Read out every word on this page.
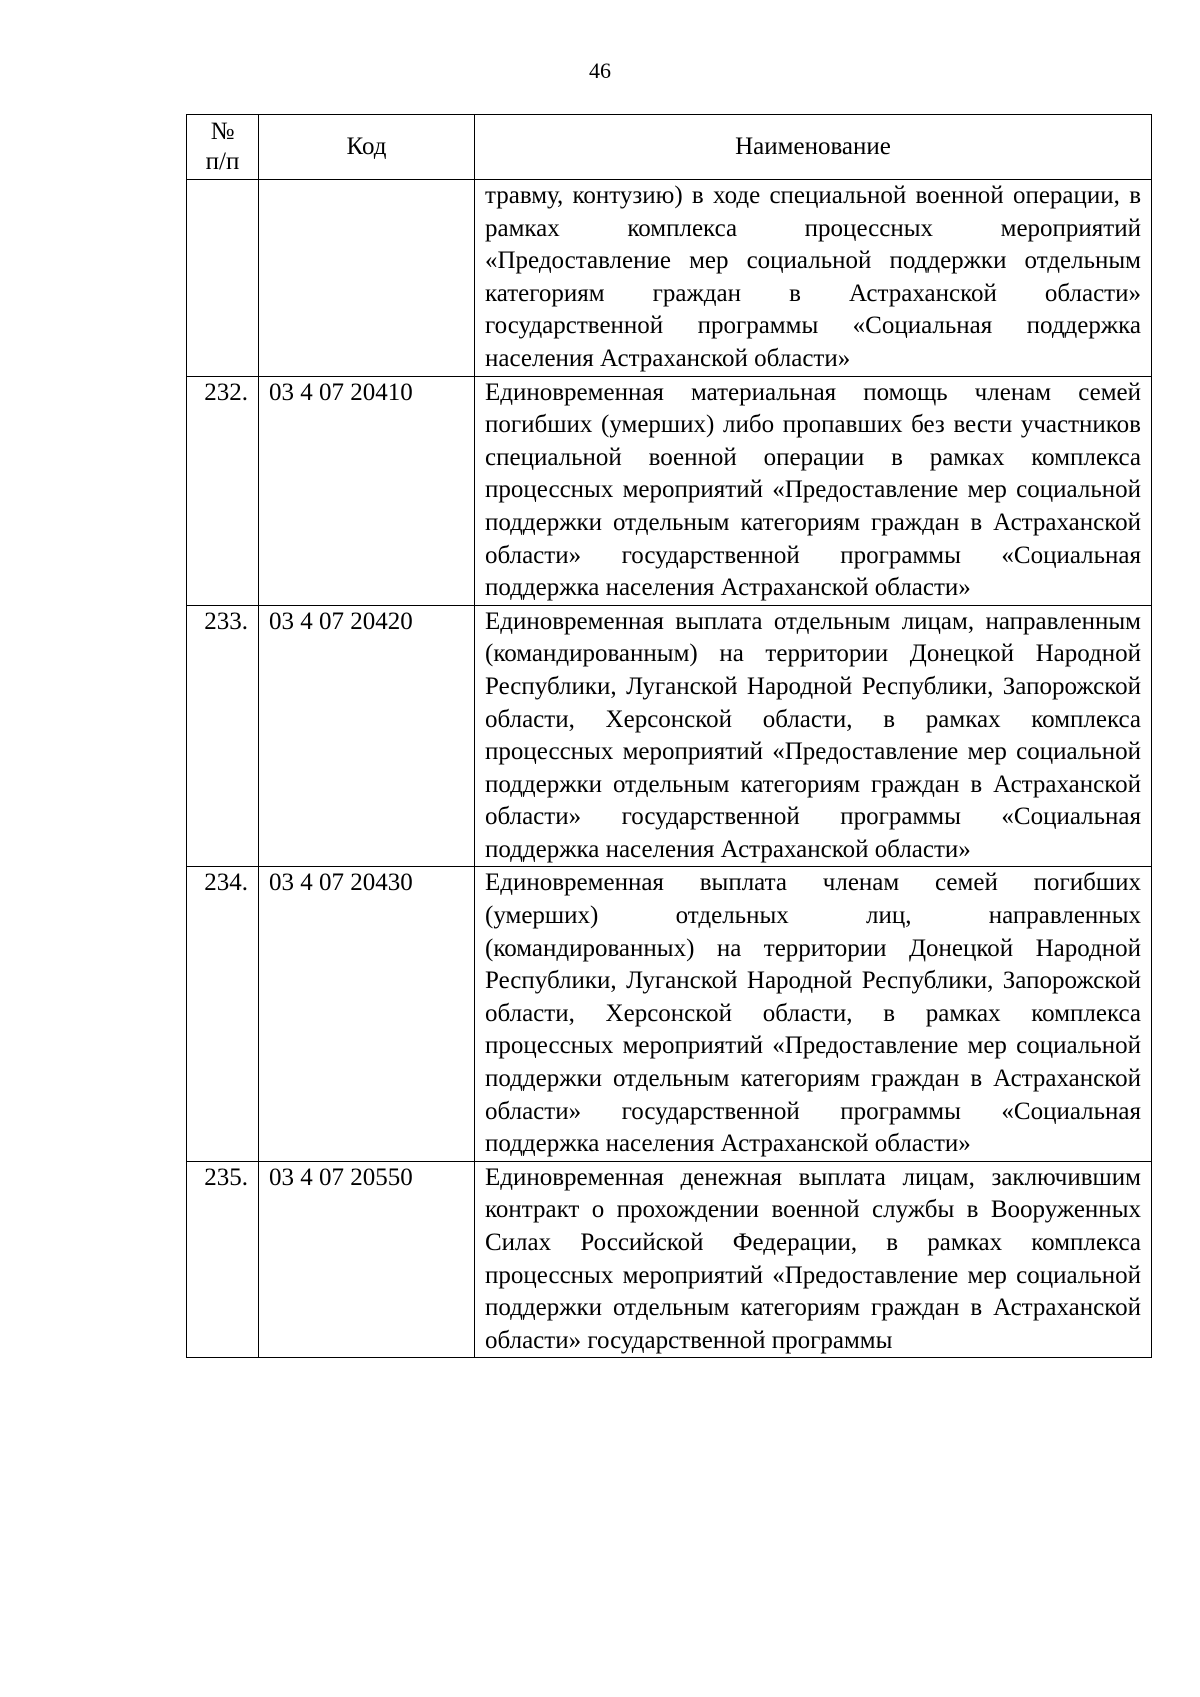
46
№
п/п	Код	Наименование
		травму, контузию) в ходе специальной военной операции, в рамках комплекса процессных мероприятий «Предоставление мер социальной поддержки отдельным категориям граждан в Астраханской области» государственной программы «Социальная поддержка населения Астраханской области»
232.	03 4 07 20410	Единовременная материальная помощь членам семей погибших (умерших) либо пропавших без вести участников специальной военной операции в рамках комплекса процессных мероприятий «Предоставление мер социальной поддержки отдельным категориям граждан в Астраханской области» государственной программы «Социальная поддержка населения Астраханской области»
233.	03 4 07 20420	Единовременная выплата отдельным лицам, направленным (командированным) на территории Донецкой Народной Республики, Луганской Народной Республики, Запорожской области, Херсонской области, в рамках комплекса процессных мероприятий «Предоставление мер социальной поддержки отдельным категориям граждан в Астраханской области» государственной программы «Социальная поддержка населения Астраханской области»
234.	03 4 07 20430	Единовременная выплата членам семей погибших (умерших) отдельных лиц, направленных (командированных) на территории Донецкой Народной Республики, Луганской Народной Республики, Запорожской области, Херсонской области, в рамках комплекса процессных мероприятий «Предоставление мер социальной поддержки отдельным категориям граждан в Астраханской области» государственной программы «Социальная поддержка населения Астраханской области»
235.	03 4 07 20550	Единовременная денежная выплата лицам, заключившим контракт о прохождении военной службы в Вооруженных Силах Российской Федерации, в рамках комплекса процессных мероприятий «Предоставление мер социальной поддержки отдельным категориям граждан в Астраханской области» государственной программы
